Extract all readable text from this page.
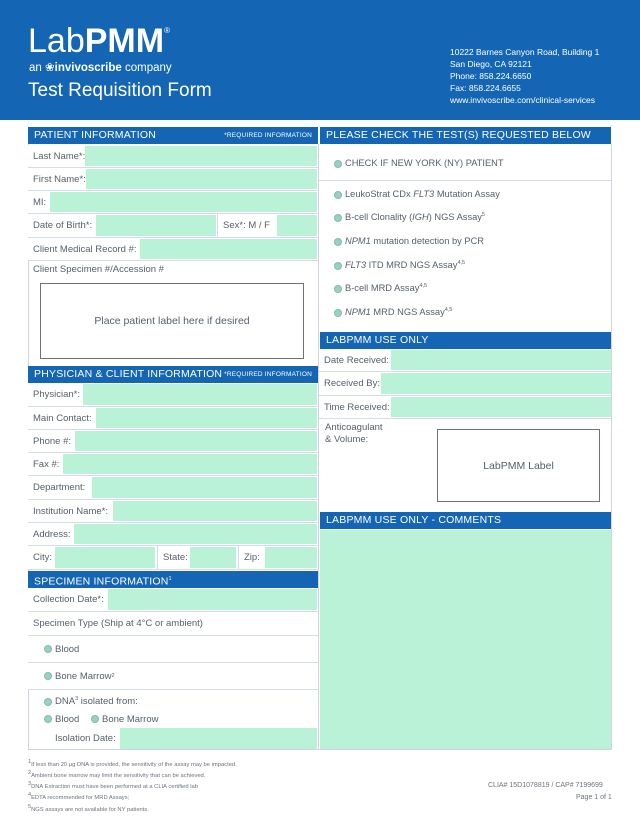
LabPMM®
an ❀invivoscribe company
Test Requisition Form
10222 Barnes Canyon Road, Building 1
San Diego, CA 92121
Phone: 858.224.6650
Fax: 858.224.6655
www.invivoscribe.com/clinical-services
PATIENT INFORMATION	*REQUIRED INFORMATION
Last Name*:
First Name*:
MI:
Date of Birth*:	Sex*: M / F
Client Medical Record #:
Client Specimen #/Accession #
Place patient label here if desired
PHYSICIAN & CLIENT INFORMATION *REQUIRED INFORMATION
Physician*:
Main Contact:
Phone #:
Fax #:
Department:
Institution Name*:
Address:
City:	State:	Zip:
SPECIMEN INFORMATION$^1$
Collection Date*:
Specimen Type (Ship at 4°C or ambient)
Blood
Bone Marrow 2
DNA$^3$ isolated from:
Blood	Bone Marrow
Isolation Date:
PLEASE CHECK THE TEST(S) REQUESTED BELOW
CHECK IF NEW YORK (NY) PATIENT
LeukoStrat CDx FLT3 Mutation Assay
B-cell Clonality (IGH) NGS Assay$^5$
NPM1 mutation detection by PCR
FLT3 ITD MRD NGS Assay$^{4,5}$
B-cell MRD Assay$^{4,5}$
NPM1 MRD NGS Assay$^{4,5}$
LABPMM USE ONLY
Date Received:
Received By:
Time Received:
Anticoagulant
& Volume:
LabPMM Label
LABPMM USE ONLY - COMMENTS
$^1$If less than 20 µg DNA is provided, the sensitivity of the assay may be impacted.
$^2$Ambient bone marrow may limit the sensitivity that can be achieved.
$^3$DNA Extraction must have been performed at a CLIA certified lab
$^4$EDTA recommended for MRD Assays;
$^5$NGS assays are not available for NY patients.
CLIA# 15D1078819 / CAP# 7199699
Page 1 of 1
